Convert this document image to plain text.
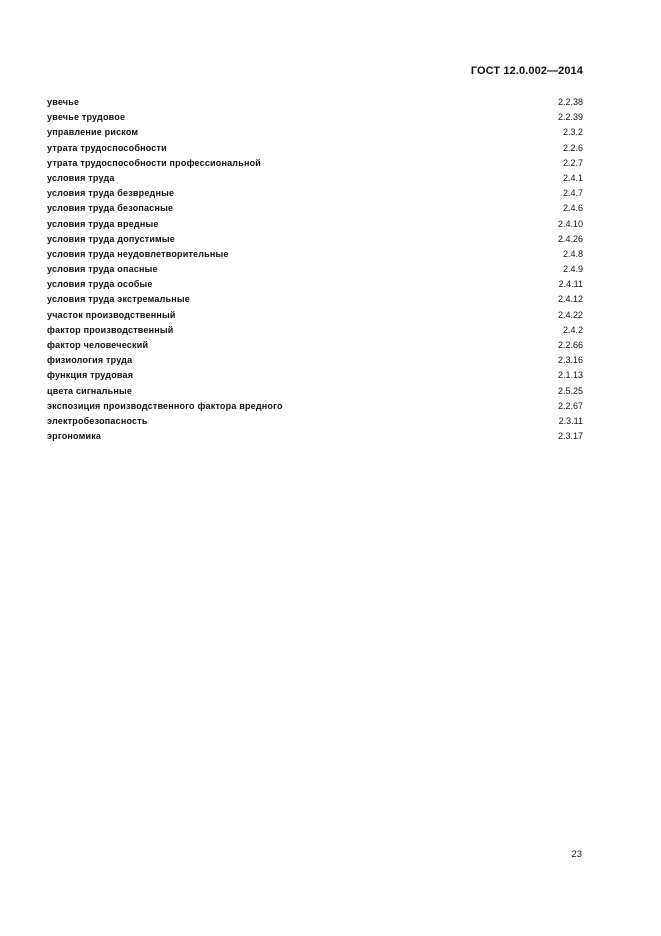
ГОСТ 12.0.002—2014
увечье	2.2.38
увечье трудовое	2.2.39
управление риском	2.3.2
утрата трудоспособности	2.2.6
утрата трудоспособности профессиональной	2.2.7
условия труда	2.4.1
условия труда безвредные	2.4.7
условия труда безопасные	2.4.6
условия труда вредные	2.4.10
условия труда допустимые	2.4.26
условия труда неудовлетворительные	2.4.8
условия труда опасные	2.4.9
условия труда особые	2.4.11
условия труда экстремальные	2.4.12
участок производственный	2.4.22
фактор производственный	2.4.2
фактор человеческий	2.2.66
физиология труда	2.3.16
функция трудовая	2.1.13
цвета сигнальные	2.5.25
экспозиция производственного фактора вредного	2.2.67
электробезопасность	2.3.11
эргономика	2.3.17
23
